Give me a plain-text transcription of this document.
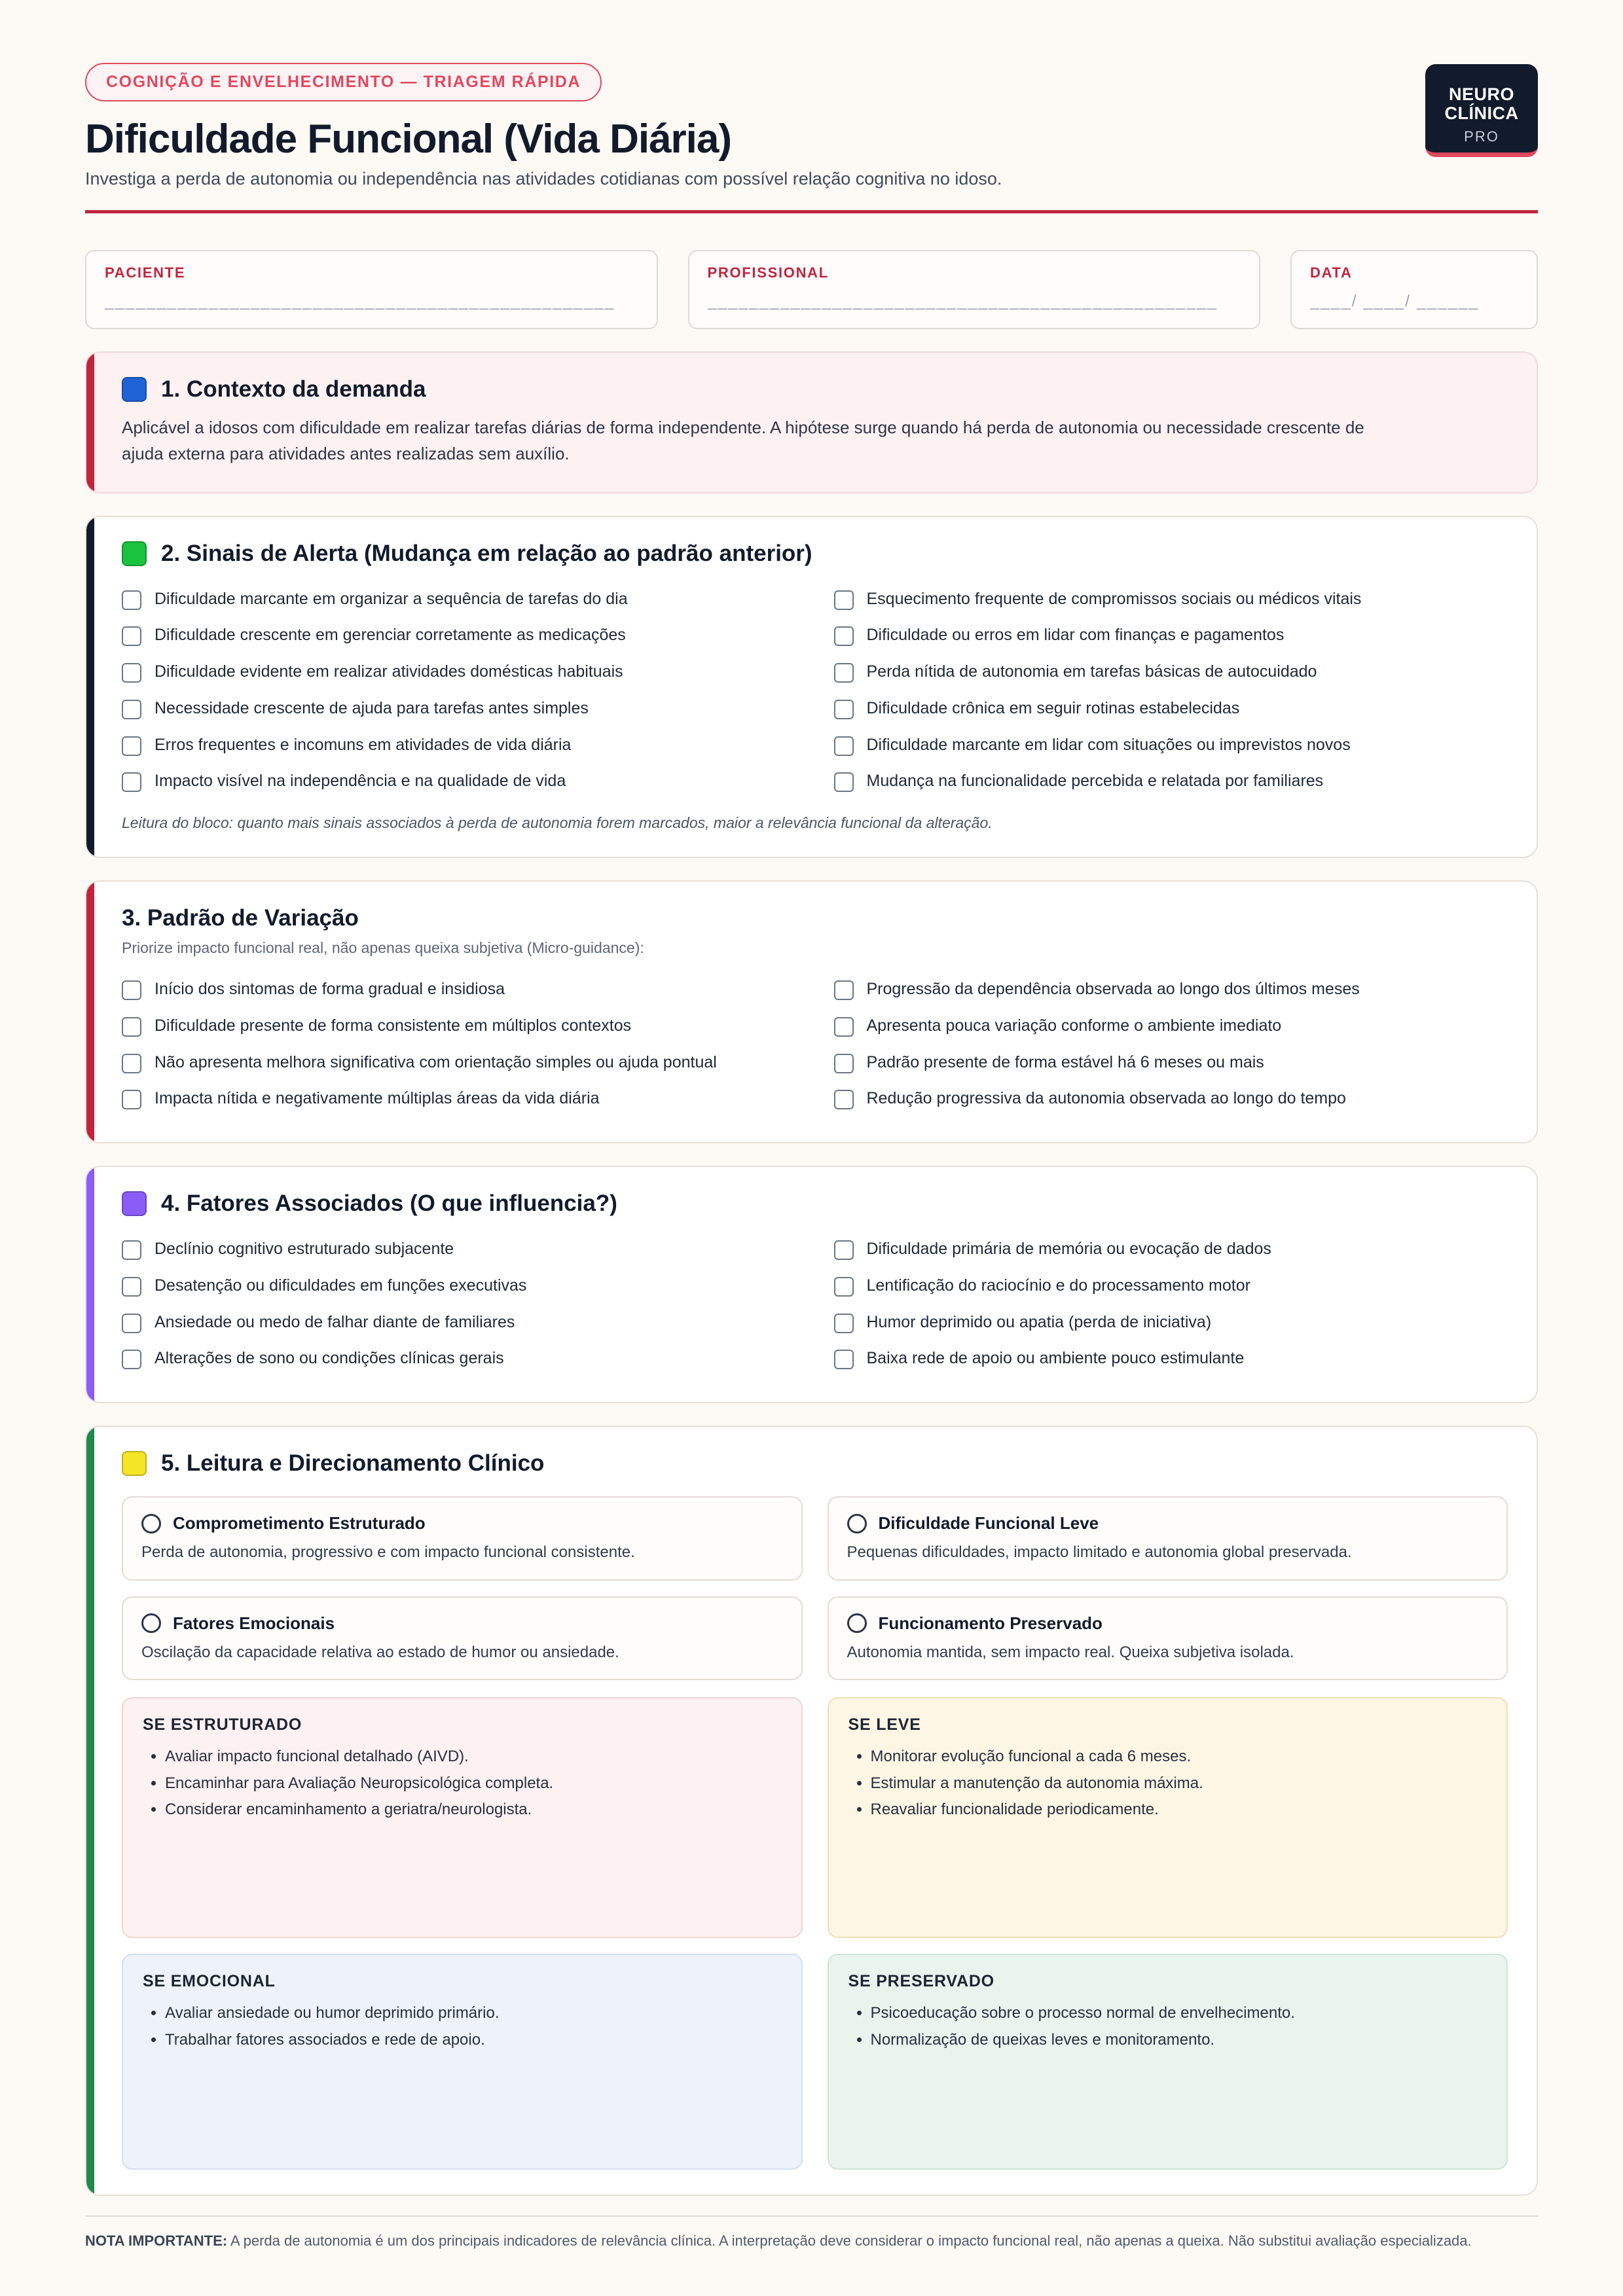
COGNIÇÃO E ENVELHECIMENTO — TRIAGEM RÁPIDA
Dificuldade Funcional (Vida Diária)
Investiga a perda de autonomia ou independência nas atividades cotidianas com possível relação cognitiva no idoso.
NEURO
CLÍNICA
PRO
PACIENTE
_________________________________________________
PROFISSIONAL
_________________________________________________
DATA
____/ ____/ ______
1. Contexto da demanda
Aplicável a idosos com dificuldade em realizar tarefas diárias de forma independente. A hipótese surge quando há perda de autonomia ou necessidade crescente de ajuda externa para atividades antes realizadas sem auxílio.
2. Sinais de Alerta (Mudança em relação ao padrão anterior)
Dificuldade marcante em organizar a sequência de tarefas do dia	Esquecimento frequente de compromissos sociais ou médicos vitais
Dificuldade crescente em gerenciar corretamente as medicações	Dificuldade ou erros em lidar com finanças e pagamentos
Dificuldade evidente em realizar atividades domésticas habituais	Perda nítida de autonomia em tarefas básicas de autocuidado
Necessidade crescente de ajuda para tarefas antes simples	Dificuldade crônica em seguir rotinas estabelecidas
Erros frequentes e incomuns em atividades de vida diária	Dificuldade marcante em lidar com situações ou imprevistos novos
Impacto visível na independência e na qualidade de vida	Mudança na funcionalidade percebida e relatada por familiares
Leitura do bloco: quanto mais sinais associados à perda de autonomia forem marcados, maior a relevância funcional da alteração.
3. Padrão de Variação
Priorize impacto funcional real, não apenas queixa subjetiva (Micro-guidance):
Início dos sintomas de forma gradual e insidiosa	Progressão da dependência observada ao longo dos últimos meses
Dificuldade presente de forma consistente em múltiplos contextos	Apresenta pouca variação conforme o ambiente imediato
Não apresenta melhora significativa com orientação simples ou ajuda pontual	Padrão presente de forma estável há 6 meses ou mais
Impacta nítida e negativamente múltiplas áreas da vida diária	Redução progressiva da autonomia observada ao longo do tempo
4. Fatores Associados (O que influencia?)
Declínio cognitivo estruturado subjacente	Dificuldade primária de memória ou evocação de dados
Desatenção ou dificuldades em funções executivas	Lentificação do raciocínio e do processamento motor
Ansiedade ou medo de falhar diante de familiares	Humor deprimido ou apatia (perda de iniciativa)
Alterações de sono ou condições clínicas gerais	Baixa rede de apoio ou ambiente pouco estimulante
5. Leitura e Direcionamento Clínico
Comprometimento Estruturado
Perda de autonomia, progressivo e com impacto funcional consistente.
Dificuldade Funcional Leve
Pequenas dificuldades, impacto limitado e autonomia global preservada.
Fatores Emocionais
Oscilação da capacidade relativa ao estado de humor ou ansiedade.
Funcionamento Preservado
Autonomia mantida, sem impacto real. Queixa subjetiva isolada.
SE ESTRUTURADO
• Avaliar impacto funcional detalhado (AIVD).
• Encaminhar para Avaliação Neuropsicológica completa.
• Considerar encaminhamento a geriatra/neurologista.
SE LEVE
• Monitorar evolução funcional a cada 6 meses.
• Estimular a manutenção da autonomia máxima.
• Reavaliar funcionalidade periodicamente.
SE EMOCIONAL
• Avaliar ansiedade ou humor deprimido primário.
• Trabalhar fatores associados e rede de apoio.
SE PRESERVADO
• Psicoeducação sobre o processo normal de envelhecimento.
• Normalização de queixas leves e monitoramento.
NOTA IMPORTANTE: A perda de autonomia é um dos principais indicadores de relevância clínica. A interpretação deve considerar o impacto funcional real, não apenas a queixa. Não substitui avaliação especializada.
